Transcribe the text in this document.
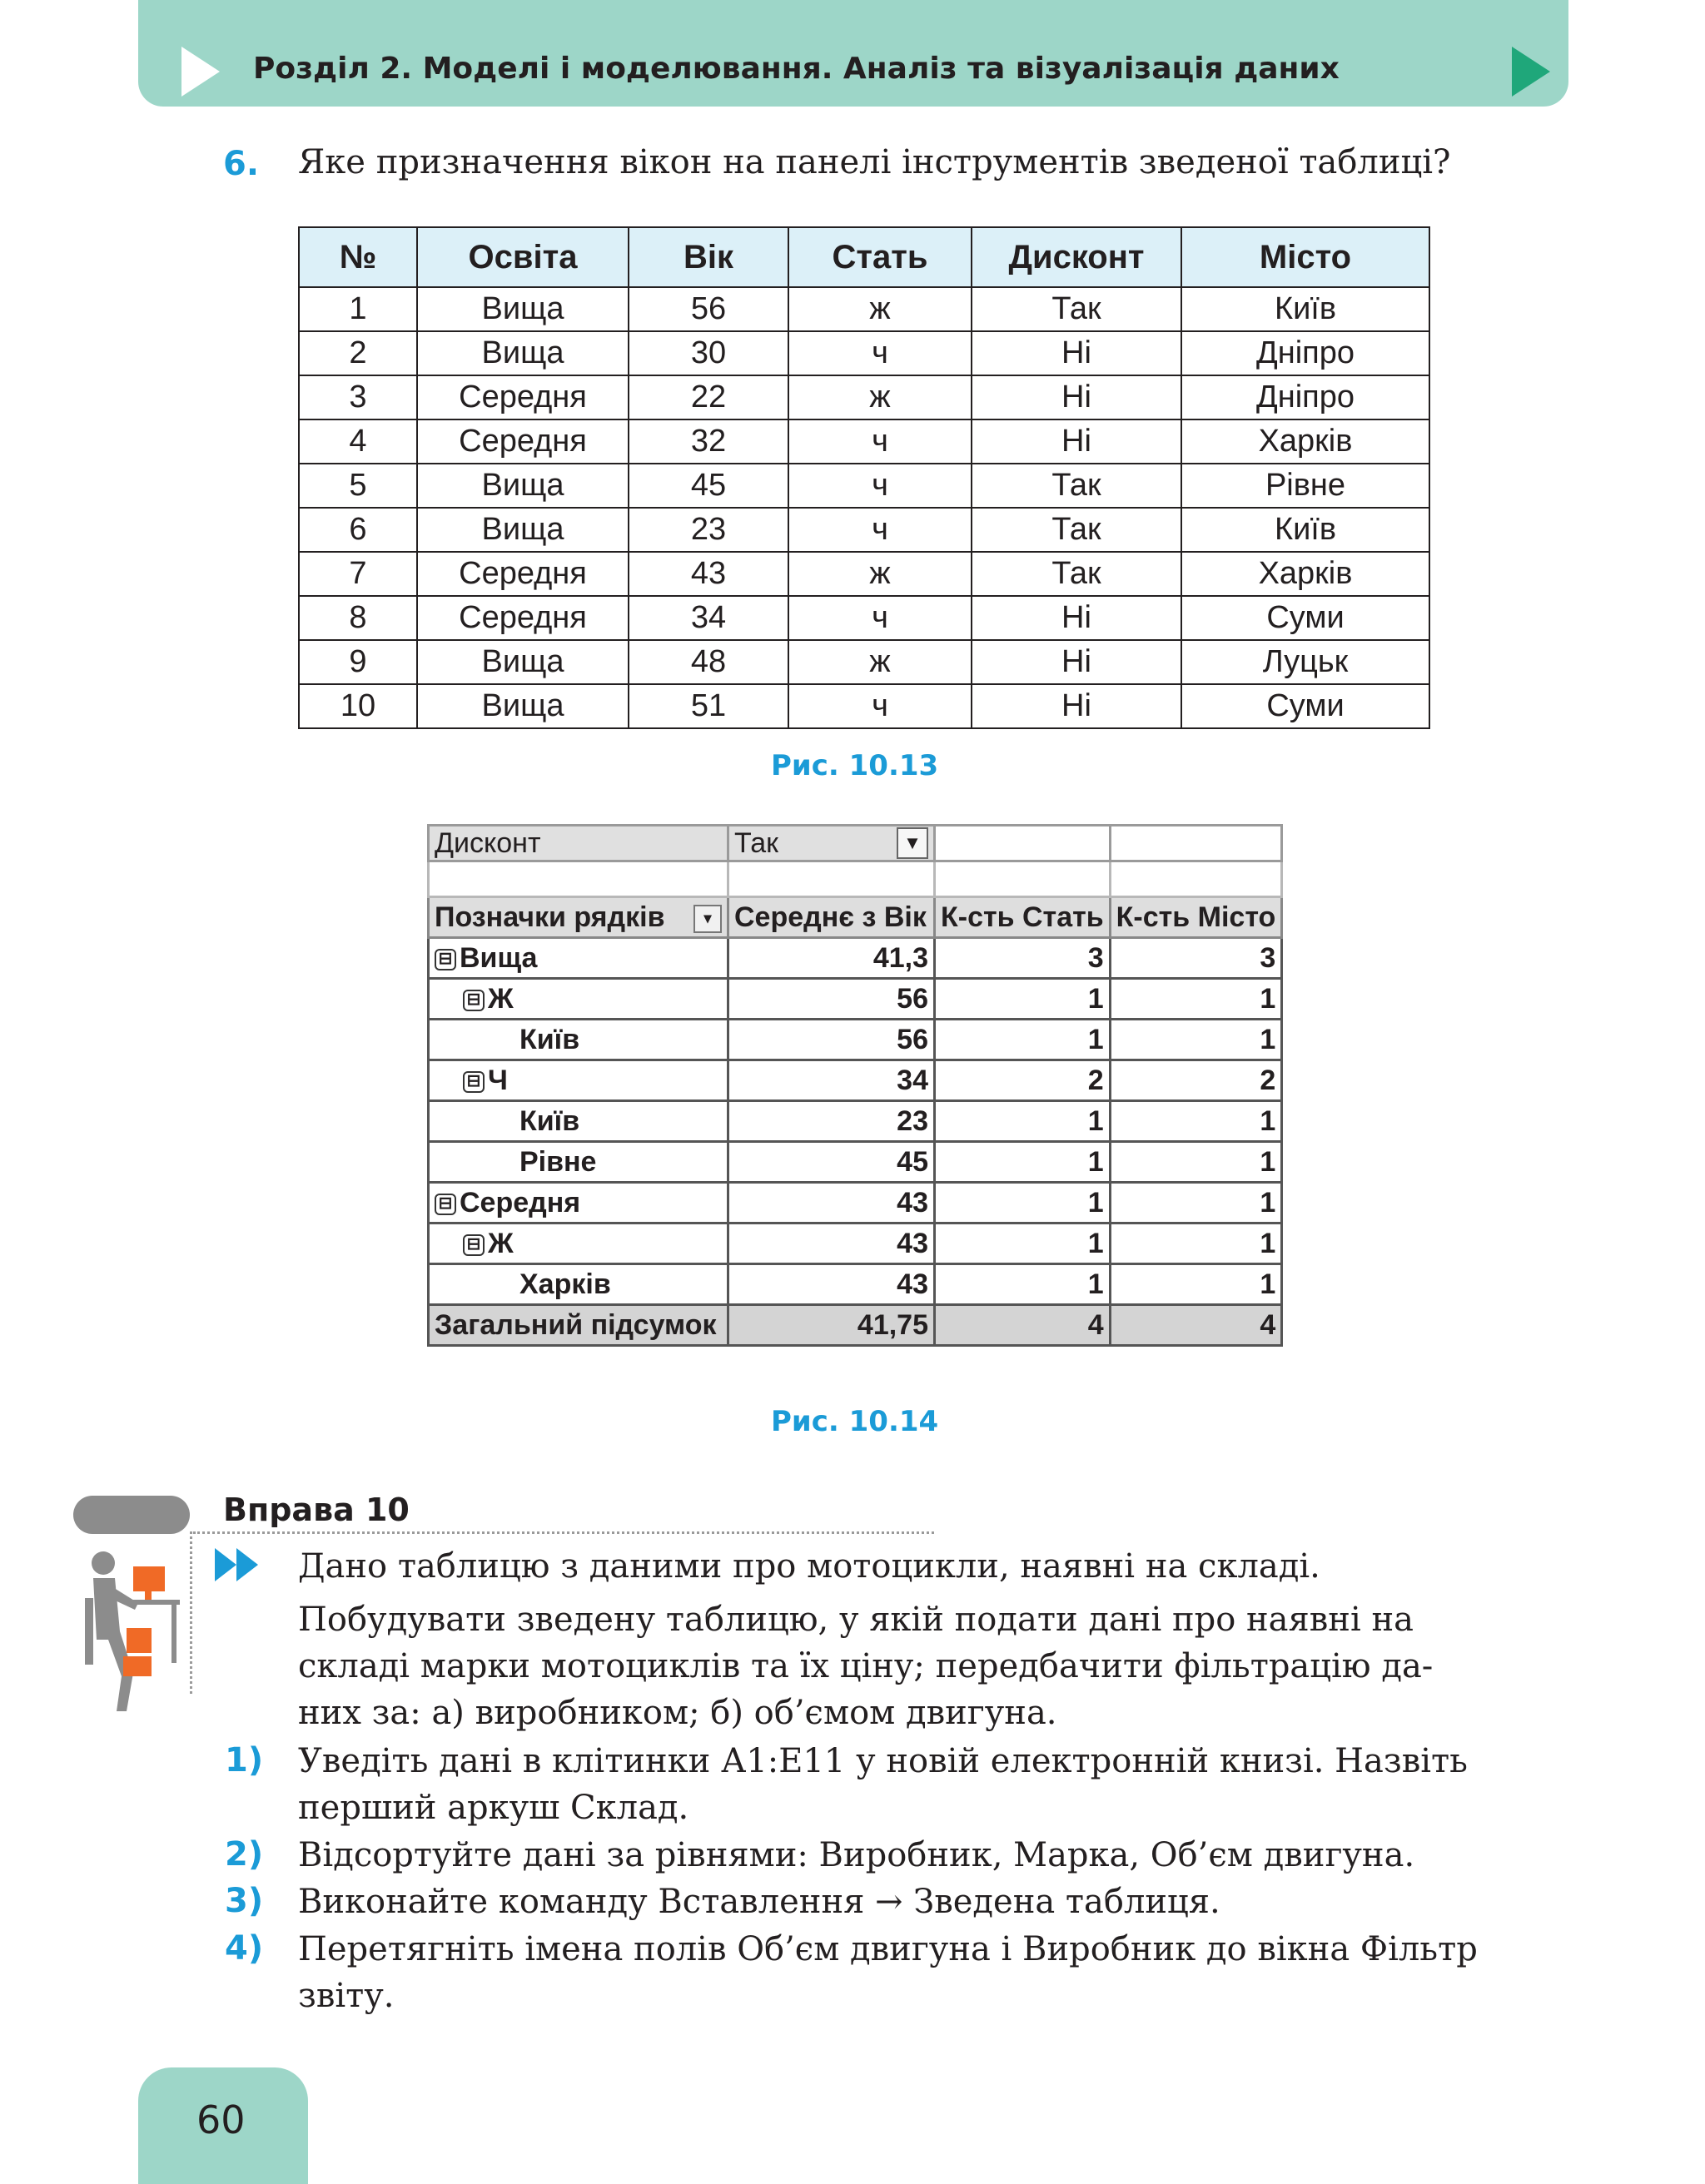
Розділ 2. Моделі і моделювання. Аналіз та візуалізація даних
6. Яке призначення вікон на панелі інструментів зведеної таблиці?
№	Освіта	Вік	Стать	Дисконт	Місто
1	Вища	56	ж	Так	Київ
2	Вища	30	ч	Ні	Дніпро
3	Середня	22	ж	Ні	Дніпро
4	Середня	32	ч	Ні	Харків
5	Вища	45	ч	Так	Рівне
6	Вища	23	ч	Так	Київ
7	Середня	43	ж	Так	Харків
8	Середня	34	ч	Ні	Суми
9	Вища	48	ж	Ні	Луцьк
10	Вища	51	ч	Ні	Суми
Рис. 10.13
Дисконт	Так ▼		

Позначки рядків ▾	Середнє з Вік	К-сть Стать	К-сть Місто
⊟ Вища	41,3	3	3
⊟ Ж	56	1	1
Київ	56	1	1
⊟ Ч	34	2	2
Київ	23	1	1
Рівне	45	1	1
⊟ Середня	43	1	1
⊟ Ж	43	1	1
Харків	43	1	1
Загальний підсумок	41,75	4	4
Рис. 10.14
Вправа 10
Дано таблицю з даними про мотоцикли, наявні на складі.
Побудувати зведену таблицю, у якій подати дані про наявні на
складі марки мотоциклів та їх ціну; передбачити фільтрацію да-
них за: а) виробником; б) об’ємом двигуна.
1) Уведіть дані в клітинки А1:Е11 у новій електронній книзі. Назвіть
перший аркуш Склад.
2) Відсортуйте дані за рівнями: Виробник, Марка, Об’єм двигуна.
3) Виконайте команду Вставлення → Зведена таблиця.
4) Перетягніть імена полів Об’єм двигуна і Виробник до вікна Фільтр
звіту.
60
